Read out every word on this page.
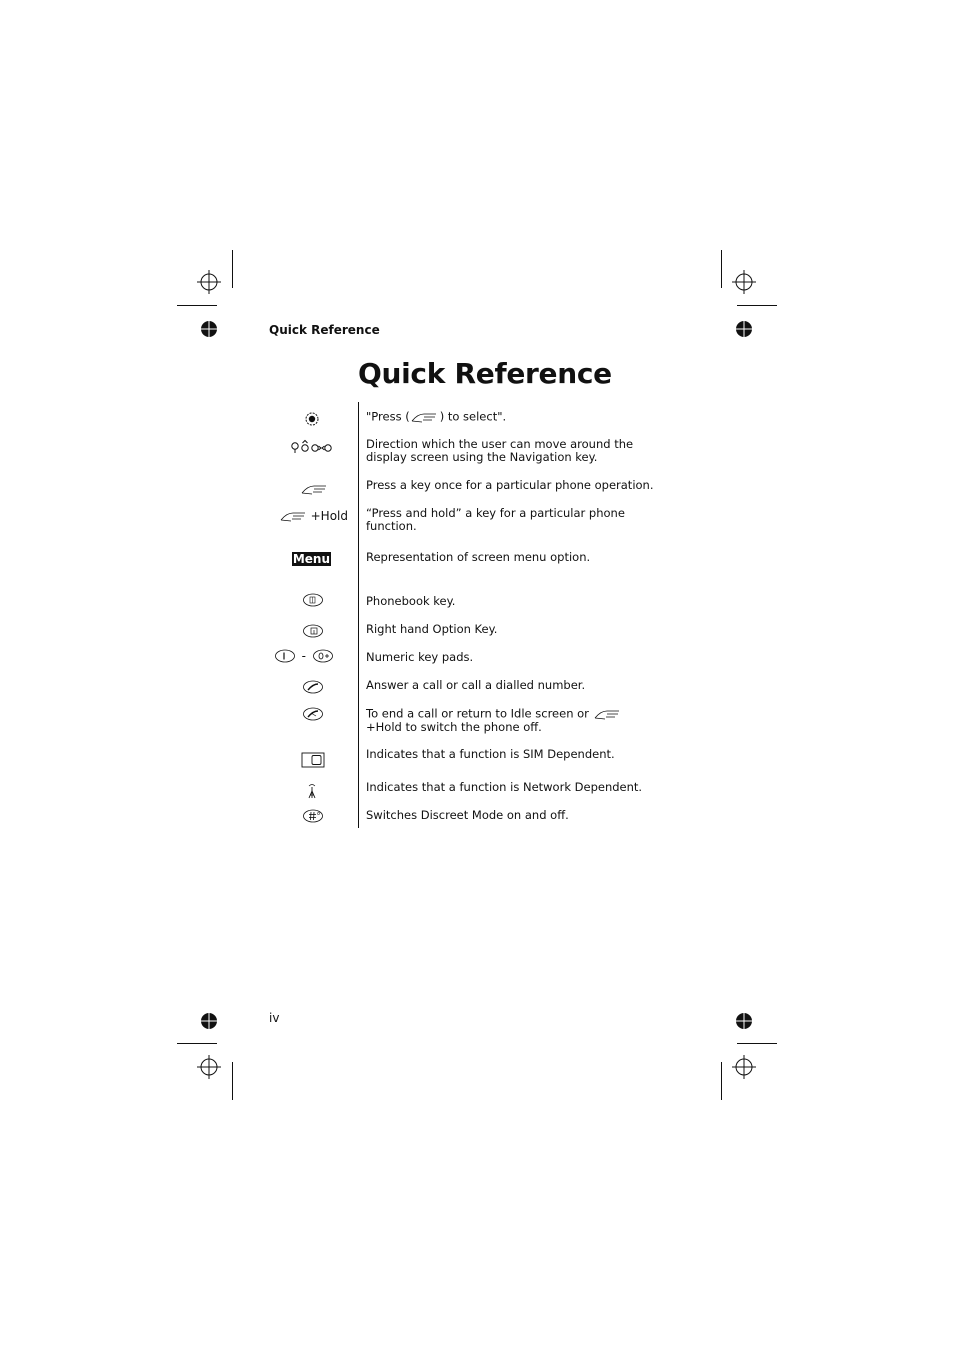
Quick Reference
Quick Reference
"Press (	) to select".
Direction which the user can move around the display screen using the Navigation key.
Press a key once for a particular phone operation.
+Hold “Press and hold” a key for a particular phone function.
Menu	Representation of screen menu option.
Phonebook key.
Right hand Option Key.
-	Numeric key pads.
Answer a call or call a dialled number.
To end a call or return to Idle screen or  +Hold to switch the phone off.
Indicates that a function is SIM Dependent.
Indicates that a function is Network Dependent.
Switches Discreet Mode on and off.
iv
